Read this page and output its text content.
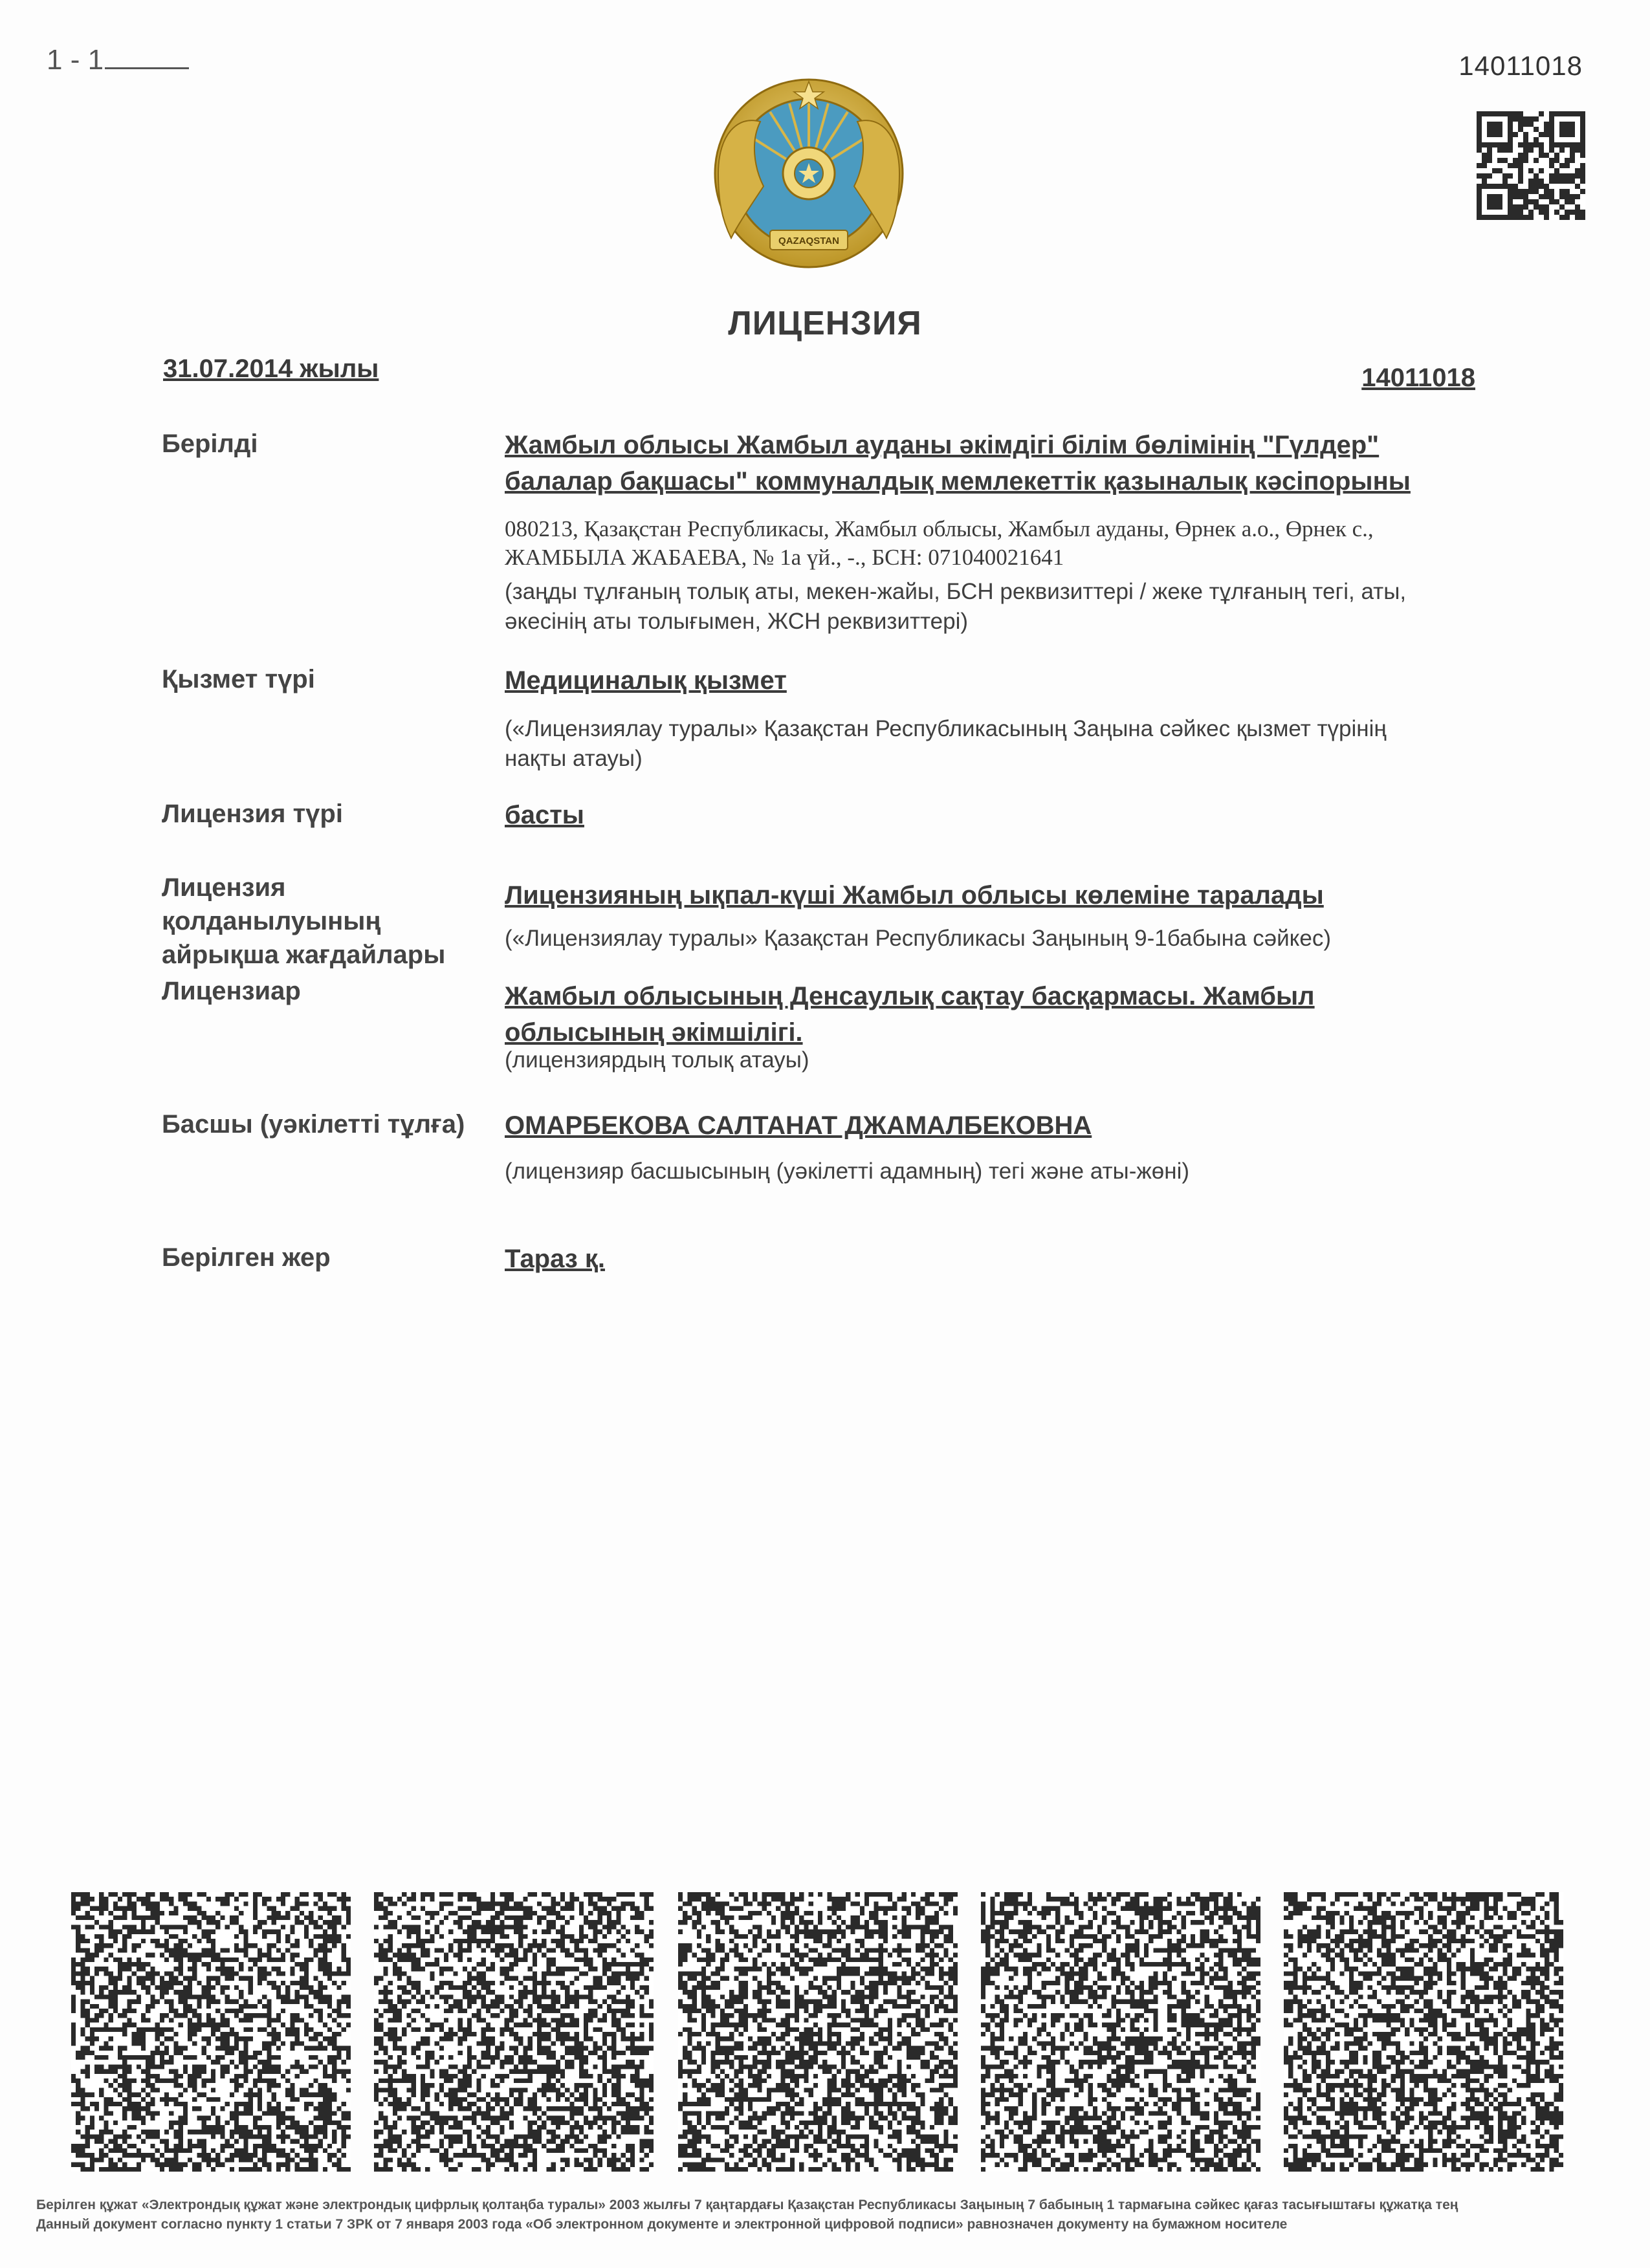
1 - 1	14011018
QAZAQSTAN
ЛИЦЕНЗИЯ
31.07.2014 жылы	14011018
Берілді	Жамбыл облысы Жамбыл ауданы әкімдігі білім бөлімінің "Гүлдер"
балалар бақшасы" коммуналдық мемлекеттік қазыналық кәсіпорыны
080213, Қазақстан Республикасы, Жамбыл облысы, Жамбыл ауданы, Өрнек а.о., Өрнек с.,
ЖАМБЫЛА ЖАБАЕВА, № 1а үй., -., БСН: 071040021641
(заңды тұлғаның толық аты, мекен-жайы, БСН реквизиттері / жеке тұлғаның тегі, аты,
әкесінің аты толығымен, ЖСН реквизиттері)
Қызмет түрі	Медициналық қызмет
(«Лицензиялау туралы» Қазақстан Республикасының Заңына сәйкес қызмет түрінің
нақты атауы)
Лицензия түрі	басты
Лицензия
қолданылуының
айрықша жағдайлары
Лицензияның ықпал-күші Жамбыл облысы көлеміне таралады
(«Лицензиялау туралы» Қазақстан Республикасы Заңының 9-1бабына сәйкес)
Лицензиар	Жамбыл облысының Денсаулық сақтау басқармасы. Жамбыл
облысының әкімшілігі.
(лицензиярдың толық атауы)
Басшы (уәкілетті тұлға) ОМАРБЕКОВА САЛТАНАТ ДЖАМАЛБЕКОВНА
(лицензияр басшысының (уәкілетті адамның) тегі және аты-жөні)
Берілген жер	Тараз қ.
Берілген құжат «Электрондық құжат және электрондық цифрлық қолтаңба туралы» 2003 жылғы 7 қаңтардағы Қазақстан Республикасы Заңының 7 бабының 1 тармағына сәйкес қағаз тасығыштағы құжатқа тең
Данный документ согласно пункту 1 статьи 7 ЗРК от 7 января 2003 года «Об электронном документе и электронной цифровой подписи» равнозначен документу на бумажном носителе
